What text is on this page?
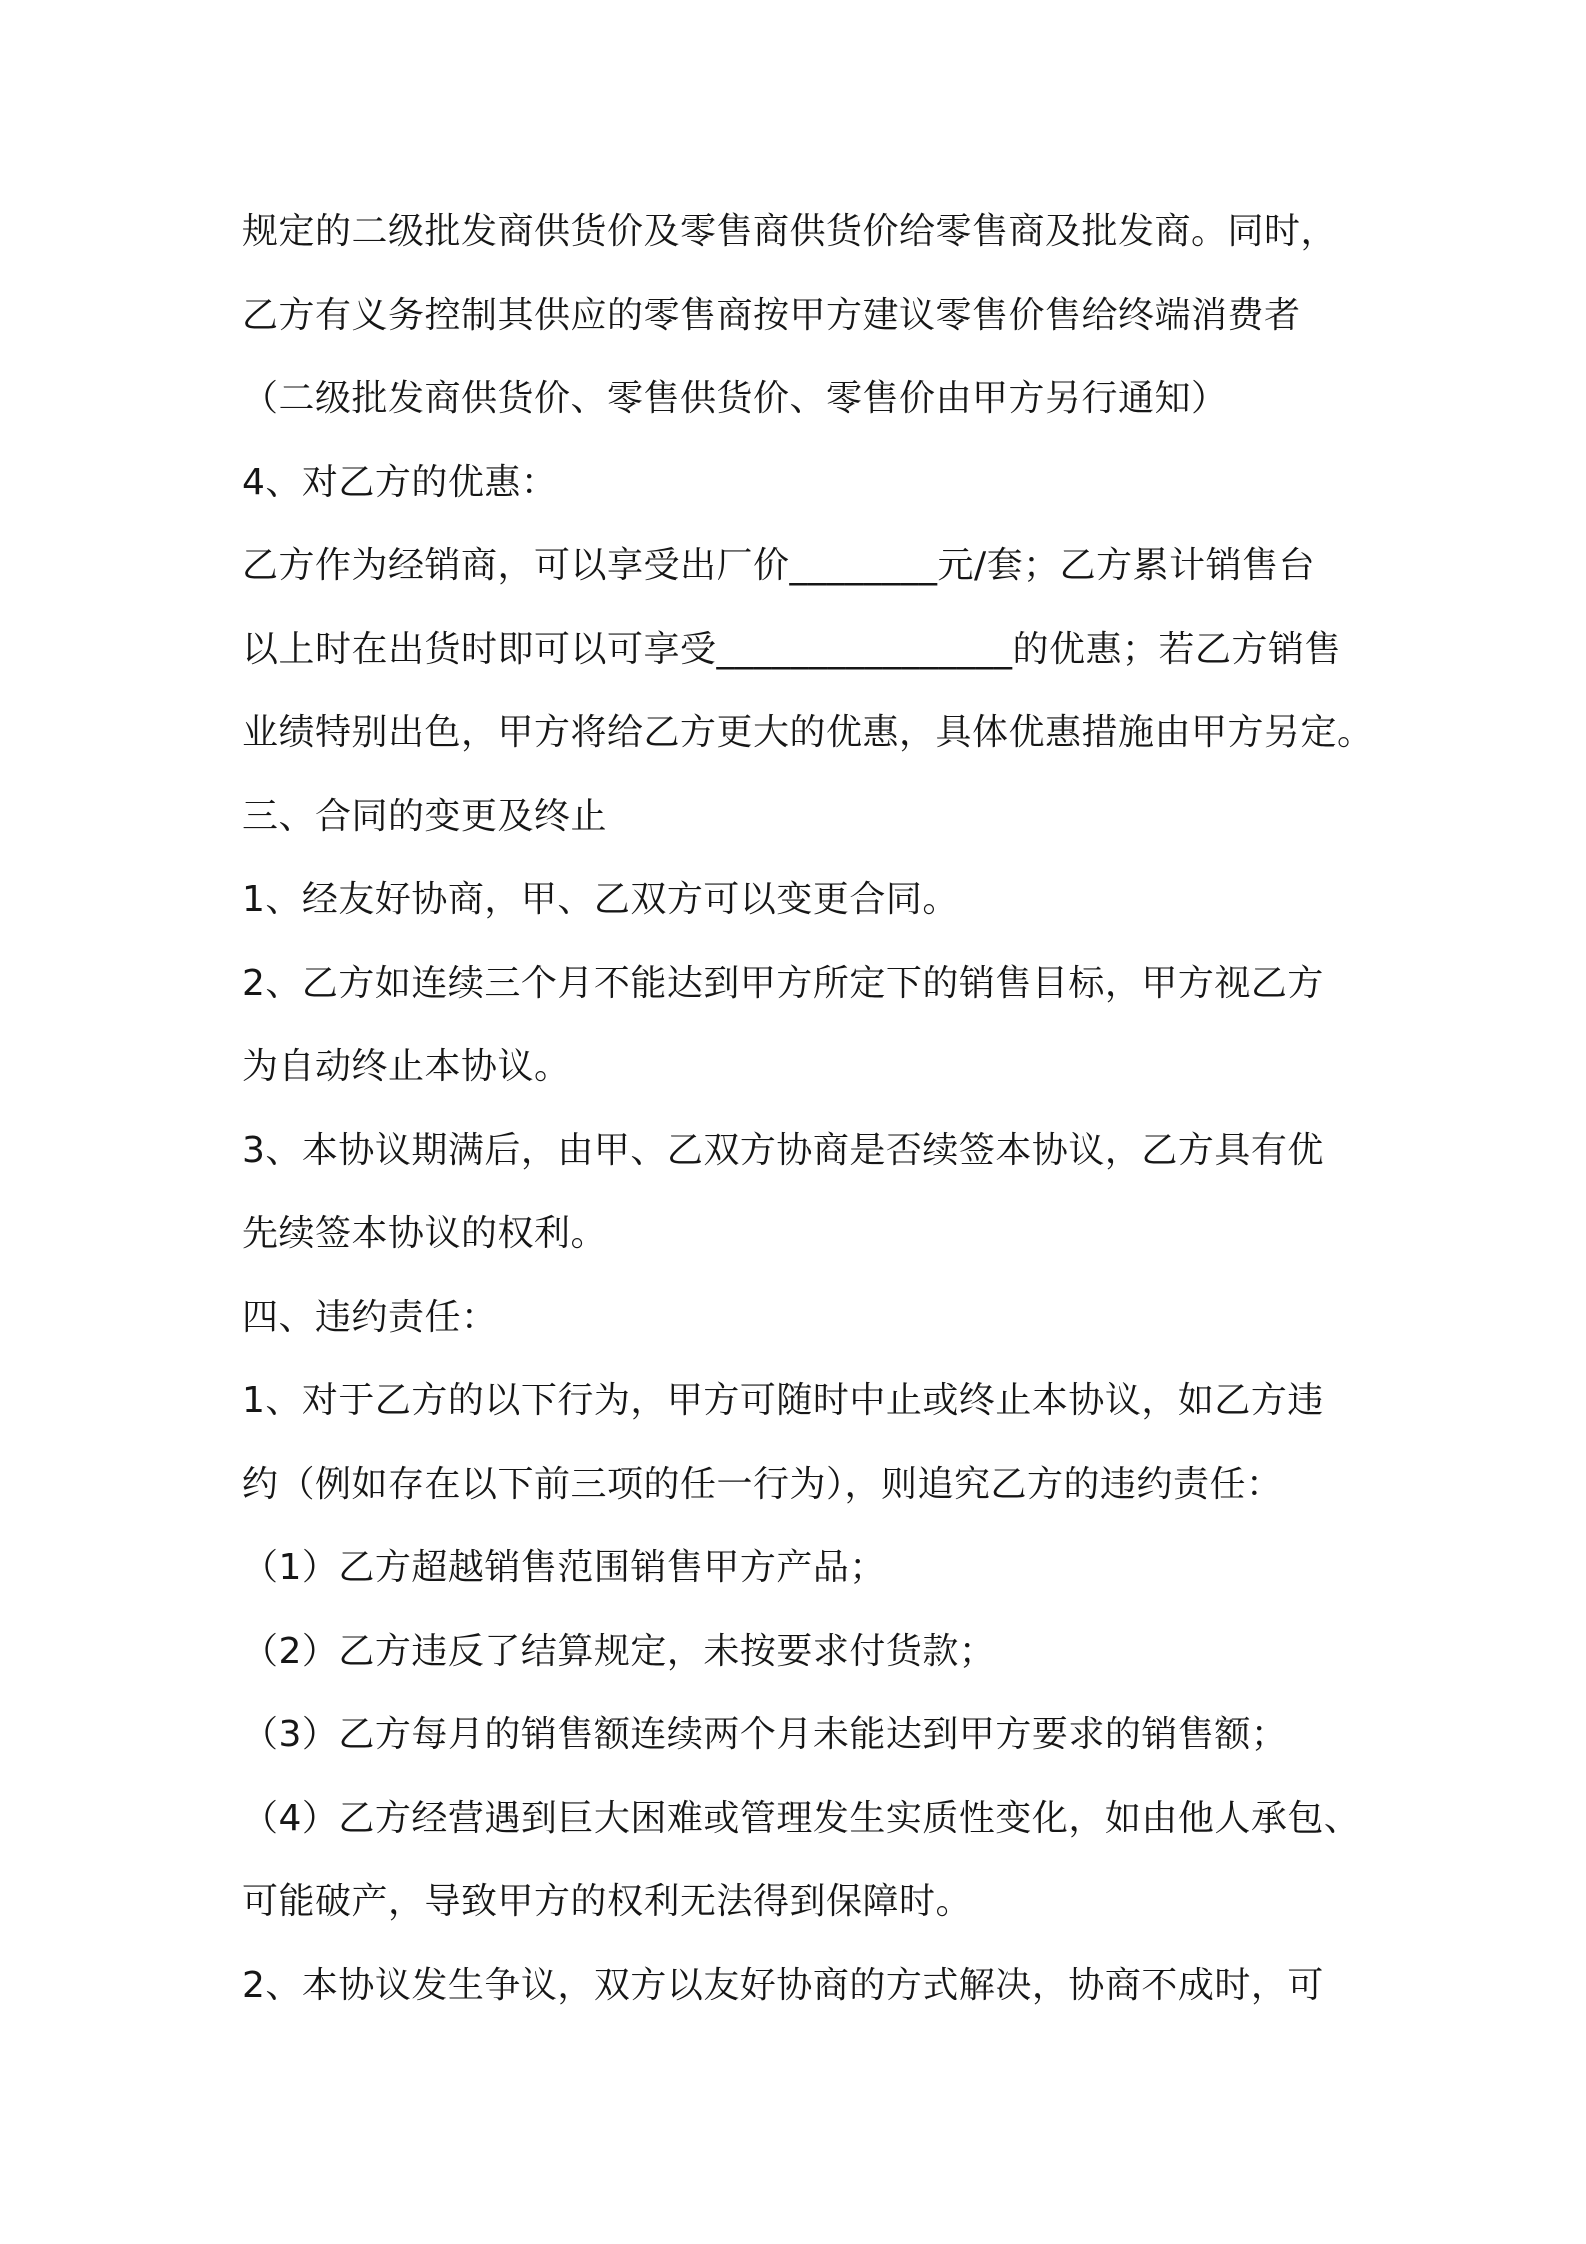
规定的二级批发商供货价及零售商供货价给零售商及批发商。同时，
乙方有义务控制其供应的零售商按甲方建议零售价售给终端消费者
（二级批发商供货价、零售供货价、零售价由甲方另行通知）
4、对乙方的优惠：
乙方作为经销商，可以享受出厂价________元/套；乙方累计销售台
以上时在出货时即可以可享受________________的优惠；若乙方销售
业绩特别出色，甲方将给乙方更大的优惠，具体优惠措施由甲方另定。
三、合同的变更及终止
1、经友好协商，甲、乙双方可以变更合同。
2、乙方如连续三个月不能达到甲方所定下的销售目标，甲方视乙方
为自动终止本协议。
3、本协议期满后，由甲、乙双方协商是否续签本协议，乙方具有优
先续签本协议的权利。
四、违约责任：
1、对于乙方的以下行为，甲方可随时中止或终止本协议，如乙方违
约（例如存在以下前三项的任一行为），则追究乙方的违约责任：
（1）乙方超越销售范围销售甲方产品；
（2）乙方违反了结算规定，未按要求付货款；
（3）乙方每月的销售额连续两个月未能达到甲方要求的销售额；
（4）乙方经营遇到巨大困难或管理发生实质性变化，如由他人承包、
可能破产，导致甲方的权利无法得到保障时。
2、本协议发生争议，双方以友好协商的方式解决，协商不成时，可
